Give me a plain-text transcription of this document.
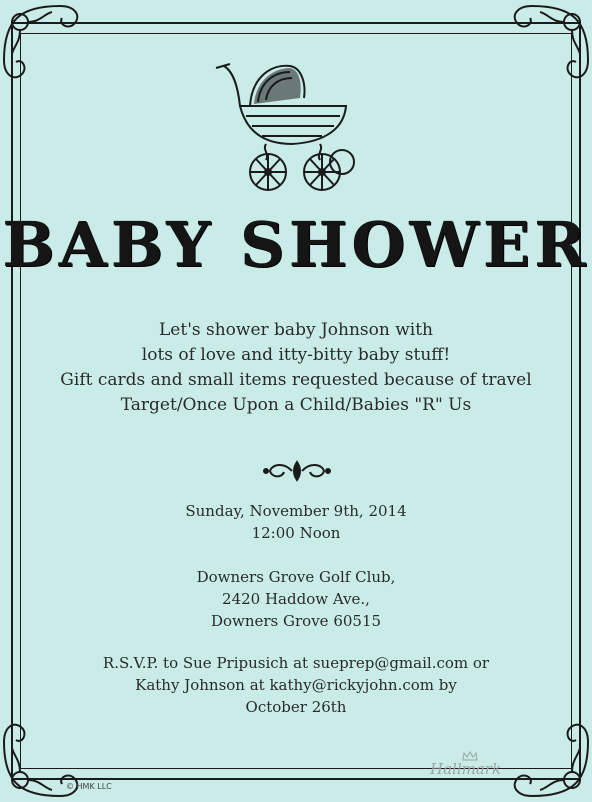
BABY SHOWER
Let's shower baby Johnson with
lots of love and itty-bitty baby stuff!
Gift cards and small items requested because of travel
Target/Once Upon a Child/Babies "R" Us
Sunday, November 9th, 2014
12:00 Noon
Downers Grove Golf Club,
2420 Haddow Ave.,
Downers Grove 60515
R.S.V.P. to Sue Pripusich at sueprep@gmail.com or
Kathy Johnson at kathy@rickyjohn.com by
October 26th
© HMK LLC
Hallmark
